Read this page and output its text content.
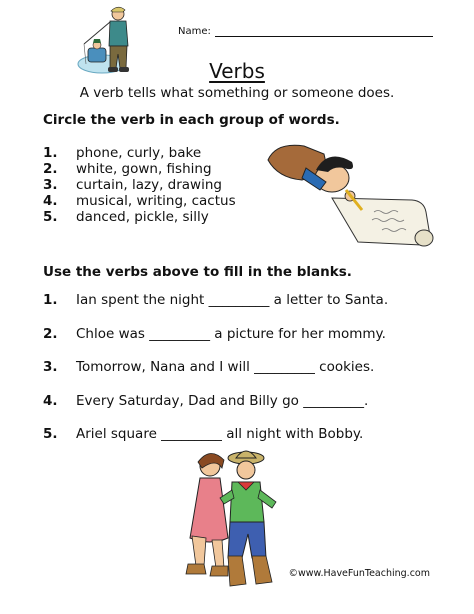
Name:
Verbs
A verb tells what something or someone does.
Circle the verb in each group of words.
1.	phone, curly, bake
2.	white, gown, fishing
3.	curtain, lazy, drawing
4.	musical, writing, cactus
5.	danced, pickle, silly
Use the verbs above to fill in the blanks.
1.	Ian spent the night _________ a letter to Santa.
2.	Chloe was _________ a picture for her mommy.
3.	Tomorrow, Nana and I will _________ cookies.
4.	Every Saturday, Dad and Billy go _________.
5.	Ariel square _________ all night with Bobby.
©www.HaveFunTeaching.com
